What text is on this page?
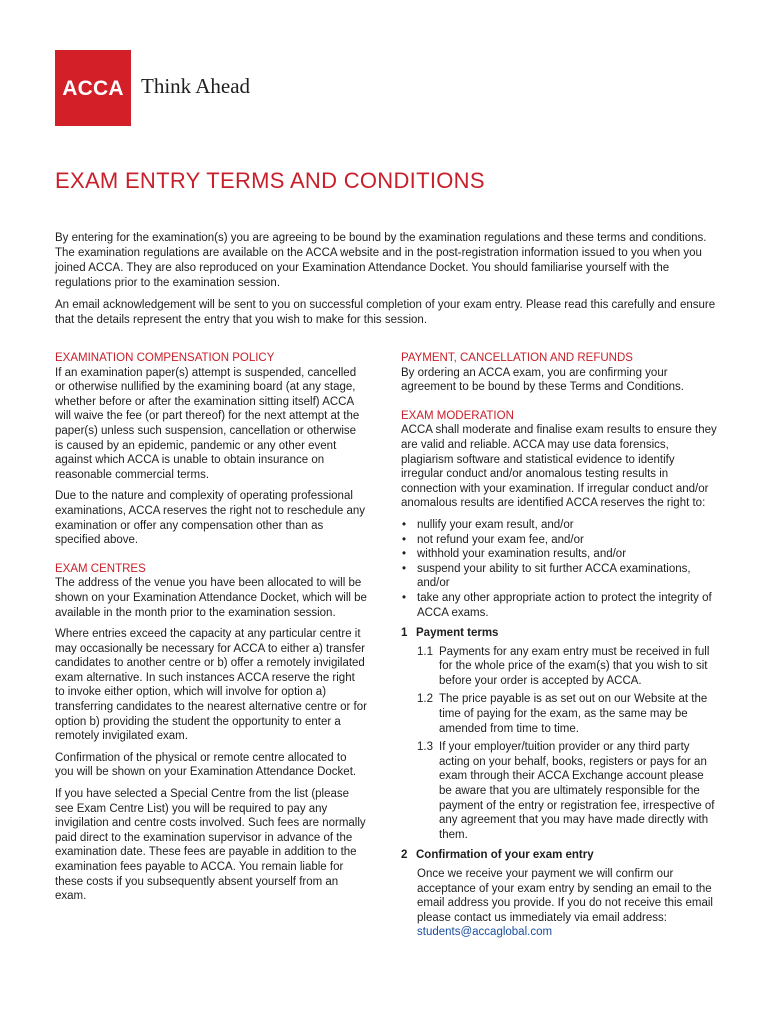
ACCA Think Ahead
EXAM ENTRY TERMS AND CONDITIONS

By entering for the examination(s) you are agreeing to be bound by the examination regulations and these terms and conditions. The examination regulations are available on the ACCA website and in the post-registration information issued to you when you joined ACCA. They are also reproduced on your Examination Attendance Docket. You should familiarise yourself with the regulations prior to the examination session.

An email acknowledgement will be sent to you on successful completion of your exam entry. Please read this carefully and ensure that the details represent the entry that you wish to make for this session.

EXAMINATION COMPENSATION POLICY

If an examination paper(s) attempt is suspended, cancelled or otherwise nullified by the examining board (at any stage, whether before or after the examination sitting itself) ACCA will waive the fee (or part thereof) for the next attempt at the paper(s) unless such suspension, cancellation or otherwise is caused by an epidemic, pandemic or any other event against which ACCA is unable to obtain insurance on reasonable commercial terms.

Due to the nature and complexity of operating professional examinations, ACCA reserves the right not to reschedule any examination or offer any compensation other than as specified above.

EXAM CENTRES

The address of the venue you have been allocated to will be shown on your Examination Attendance Docket, which will be available in the month prior to the examination session.

Where entries exceed the capacity at any particular centre it may occasionally be necessary for ACCA to either a) transfer candidates to another centre or b) offer a remotely invigilated exam alternative. In such instances ACCA reserve the right to invoke either option, which will involve for option a) transferring candidates to the nearest alternative centre or for option b) providing the student the opportunity to enter a remotely invigilated exam.

Confirmation of the physical or remote centre allocated to you will be shown on your Examination Attendance Docket.

If you have selected a Special Centre from the list (please see Exam Centre List) you will be required to pay any invigilation and centre costs involved. Such fees are normally paid direct to the examination supervisor in advance of the examination date. These fees are payable in addition to the examination fees payable to ACCA. You remain liable for these costs if you subsequently absent yourself from an exam.

PAYMENT, CANCELLATION AND REFUNDS

By ordering an ACCA exam, you are confirming your agreement to be bound by these Terms and Conditions.

EXAM MODERATION

ACCA shall moderate and finalise exam results to ensure they are valid and reliable. ACCA may use data forensics, plagiarism software and statistical evidence to identify irregular conduct and/or anomalous testing results in connection with your examination. If irregular conduct and/or anomalous results are identified ACCA reserves the right to:

• nullify your exam result, and/or
• not refund your exam fee, and/or
• withhold your examination results, and/or
• suspend your ability to sit further ACCA examinations, and/or
• take any other appropriate action to protect the integrity of ACCA exams.
1 Payment terms
1.1 Payments for any exam entry must be received in full for the whole price of the exam(s) that you wish to sit before your order is accepted by ACCA.
1.2 The price payable is as set out on our Website at the time of paying for the exam, as the same may be amended from time to time.
1.3 If your employer/tuition provider or any third party acting on your behalf, books, registers or pays for an exam through their ACCA Exchange account please be aware that you are ultimately responsible for the payment of the entry or registration fee, irrespective of any agreement that you may have made directly with them.
2 Confirmation of your exam entry
Once we receive your payment we will confirm our acceptance of your exam entry by sending an email to the email address you provide. If you do not receive this email please contact us immediately via email address:
students@accaglobal.com
